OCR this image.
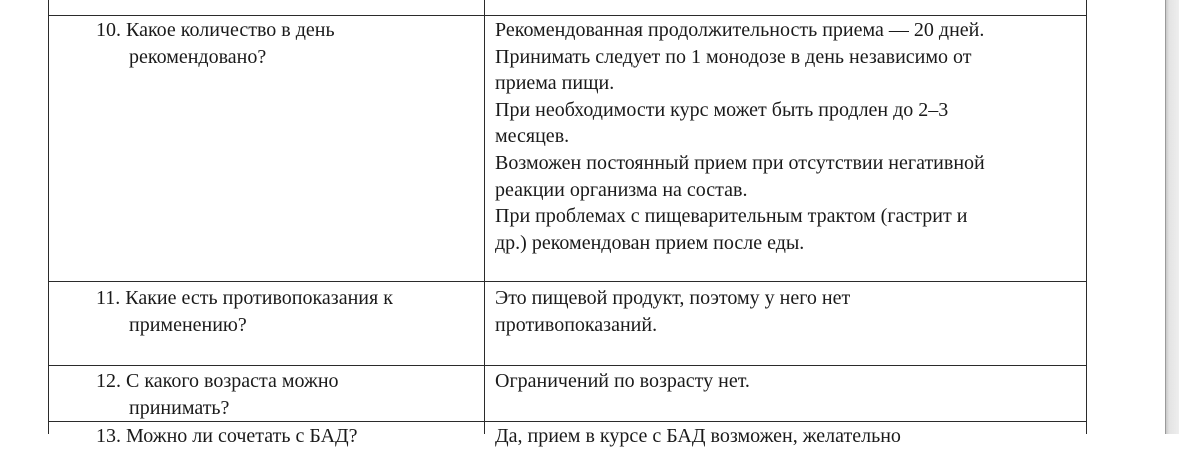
10. Какое количество в день
рекомендовано?
Рекомендованная продолжительность приема — 20 дней.
Принимать следует по 1 монодозе в день независимо от
приема пищи.
При необходимости курс может быть продлен до 2–3
месяцев.
Возможен постоянный прием при отсутствии негативной
реакции организма на состав.
При проблемах с пищеварительным трактом (гастрит и
др.) рекомендован прием после еды.
11. Какие есть противопоказания к
применению?
Это пищевой продукт, поэтому у него нет
противопоказаний.
12. С какого возраста можно
принимать?
Ограничений по возрасту нет.
13. Можно ли сочетать с БАД?	Да, прием в курсе с БАД возможен, желательно
